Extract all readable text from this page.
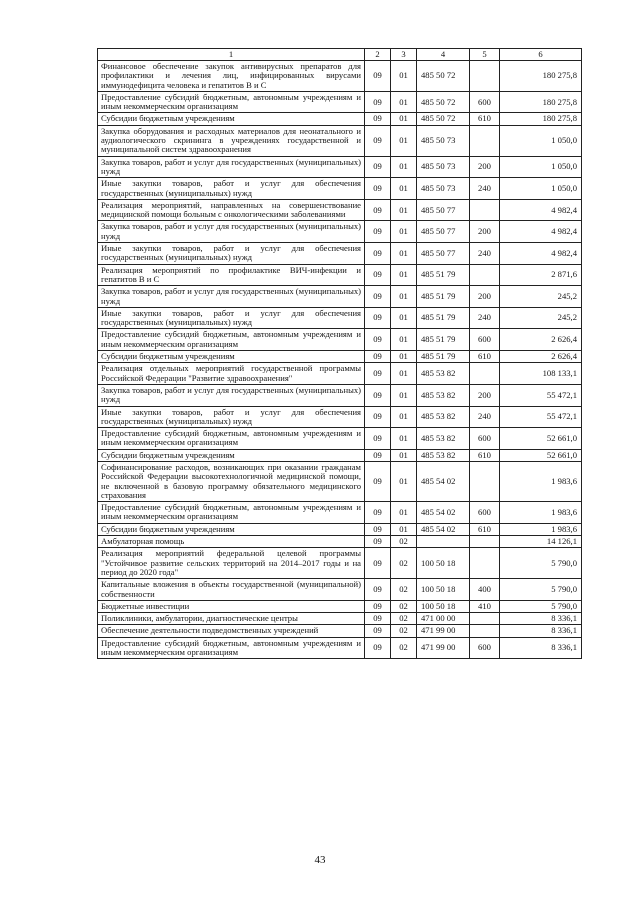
1	2	3	4	5	6
Финансовое обеспечение закупок антивирусных препаратов для профилактики и лечения лиц, инфицированных вирусами иммунодефицита человека и гепатитов В и С	09	01	485 50 72		180 275,8
Предоставление субсидий бюджетным, автономным учреждениям и иным некоммерческим организациям	09	01	485 50 72	600	180 275,8
Субсидии бюджетным учреждениям	09	01	485 50 72	610	180 275,8
Закупка оборудования и расходных материалов для неонатального и аудиологического скрининга в учреждениях государственной и муниципальной систем здравоохранения	09	01	485 50 73		1 050,0
Закупка товаров, работ и услуг для государственных (муниципальных) нужд	09	01	485 50 73	200	1 050,0
Иные закупки товаров, работ и услуг для обеспечения государственных (муниципальных) нужд	09	01	485 50 73	240	1 050,0
Реализация мероприятий, направленных на совершенствование медицинской помощи больным с онкологическими заболеваниями	09	01	485 50 77		4 982,4
Закупка товаров, работ и услуг для государственных (муниципальных) нужд	09	01	485 50 77	200	4 982,4
Иные закупки товаров, работ и услуг для обеспечения государственных (муниципальных) нужд	09	01	485 50 77	240	4 982,4
Реализация мероприятий по профилактике ВИЧ-инфекции и гепатитов В и С	09	01	485 51 79		2 871,6
Закупка товаров, работ и услуг для государственных (муниципальных) нужд	09	01	485 51 79	200	245,2
Иные закупки товаров, работ и услуг для обеспечения государственных (муниципальных) нужд	09	01	485 51 79	240	245,2
Предоставление субсидий бюджетным, автономным учреждениям и иным некоммерческим организациям	09	01	485 51 79	600	2 626,4
Субсидии бюджетным учреждениям	09	01	485 51 79	610	2 626,4
Реализация отдельных мероприятий государственной программы Российской Федерации "Развитие здравоохранения"	09	01	485 53 82		108 133,1
Закупка товаров, работ и услуг для государственных (муниципальных) нужд	09	01	485 53 82	200	55 472,1
Иные закупки товаров, работ и услуг для обеспечения государственных (муниципальных) нужд	09	01	485 53 82	240	55 472,1
Предоставление субсидий бюджетным, автономным учреждениям и иным некоммерческим организациям	09	01	485 53 82	600	52 661,0
Субсидии бюджетным учреждениям	09	01	485 53 82	610	52 661,0
Софинансирование расходов, возникающих при оказании гражданам Российской Федерации высокотехнологичной медицинской помощи, не включенной в базовую программу обязательного медицинского страхования	09	01	485 54 02		1 983,6
Предоставление субсидий бюджетным, автономным учреждениям и иным некоммерческим организациям	09	01	485 54 02	600	1 983,6
Субсидии бюджетным учреждениям	09	01	485 54 02	610	1 983,6
Амбулаторная помощь	09	02			14 126,1
Реализация мероприятий федеральной целевой программы "Устойчивое развитие сельских территорий на 2014–2017 годы и на период до 2020 года"	09	02	100 50 18		5 790,0
Капитальные вложения в объекты государственной (муниципальной) собственности	09	02	100 50 18	400	5 790,0
Бюджетные инвестиции	09	02	100 50 18	410	5 790,0
Поликлиники, амбулатории, диагностические центры	09	02	471 00 00		8 336,1
Обеспечение деятельности подведомственных учреждений	09	02	471 99 00		8 336,1
Предоставление субсидий бюджетным, автономным учреждениям и иным некоммерческим организациям	09	02	471 99 00	600	8 336,1
43
